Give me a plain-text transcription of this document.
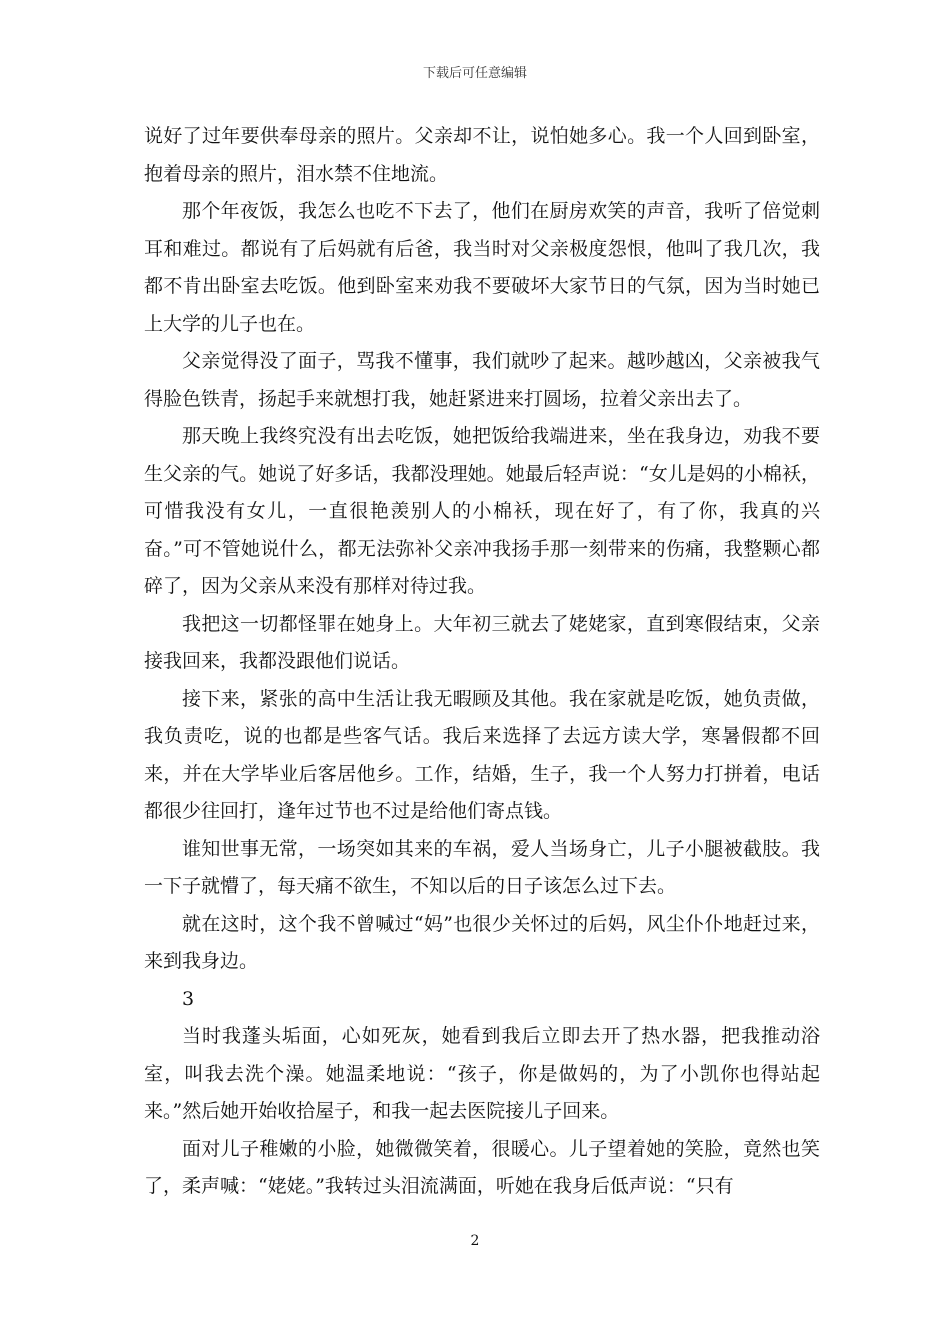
下载后可任意编辑

说好了过年要供奉母亲的照片。父亲却不让，说怕她多心。我一个人回到卧室，抱着母亲的照片，泪水禁不住地流。

那个年夜饭，我怎么也吃不下去了，他们在厨房欢笑的声音，我听了倍觉刺耳和难过。都说有了后妈就有后爸，我当时对父亲极度怨恨，他叫了我几次，我都不肯出卧室去吃饭。他到卧室来劝我不要破坏大家节日的气氛，因为当时她已上大学的儿子也在。

父亲觉得没了面子，骂我不懂事，我们就吵了起来。越吵越凶，父亲被我气得脸色铁青，扬起手来就想打我，她赶紧进来打圆场，拉着父亲出去了。

那天晚上我终究没有出去吃饭，她把饭给我端进来，坐在我身边，劝我不要生父亲的气。她说了好多话，我都没理她。她最后轻声说：“女儿是妈的小棉袄，可惜我没有女儿，一直很艳羡别人的小棉袄，现在好了，有了你，我真的兴奋。”可不管她说什么，都无法弥补父亲冲我扬手那一刻带来的伤痛，我整颗心都碎了，因为父亲从来没有那样对待过我。

我把这一切都怪罪在她身上。大年初三就去了姥姥家，直到寒假结束，父亲接我回来，我都没跟他们说话。

接下来，紧张的高中生活让我无暇顾及其他。我在家就是吃饭，她负责做，我负责吃，说的也都是些客气话。我后来选择了去远方读大学，寒暑假都不回来，并在大学毕业后客居他乡。工作，结婚，生子，我一个人努力打拼着，电话都很少往回打，逢年过节也不过是给他们寄点钱。

谁知世事无常，一场突如其来的车祸，爱人当场身亡，儿子小腿被截肢。我一下子就懵了，每天痛不欲生，不知以后的日子该怎么过下去。

就在这时，这个我不曾喊过“妈”也很少关怀过的后妈，风尘仆仆地赶过来，来到我身边。

3

当时我蓬头垢面，心如死灰，她看到我后立即去开了热水器，把我推动浴室，叫我去洗个澡。她温柔地说：“孩子，你是做妈的，为了小凯你也得站起来。”然后她开始收拾屋子，和我一起去医院接儿子回来。

面对儿子稚嫩的小脸，她微微笑着，很暖心。儿子望着她的笑脸，竟然也笑了，柔声喊：“姥姥。”我转过头泪流满面，听她在我身后低声说：“只有

2
